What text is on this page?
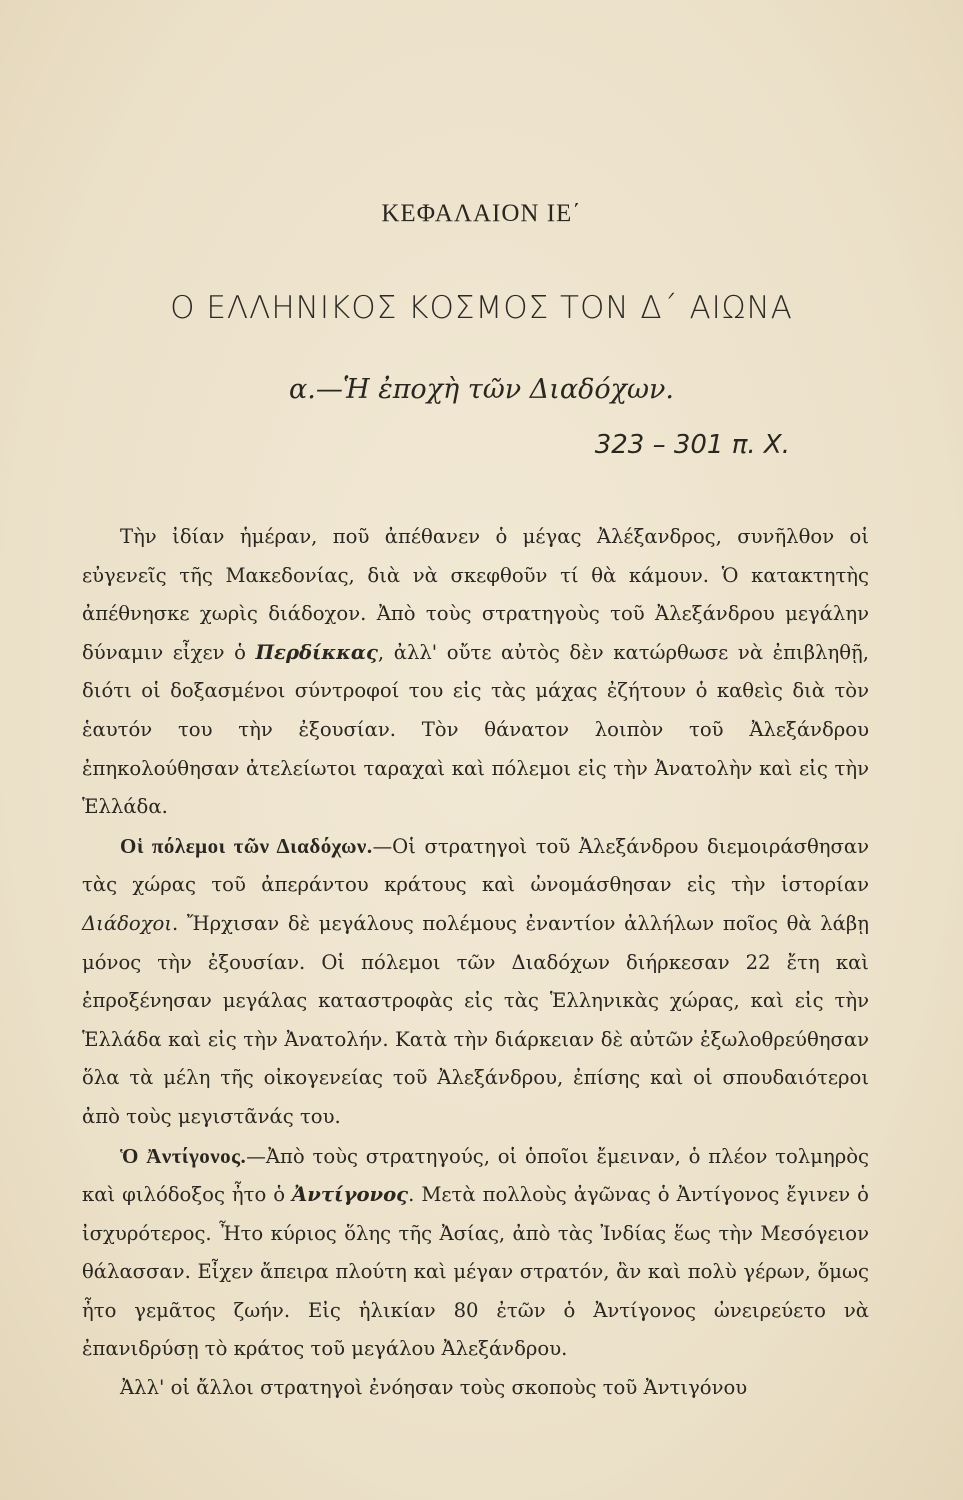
ΚΕΦΑΛΑΙΟΝ ΙΕ΄
Ο ΕΛΛΗΝΙΚΟΣ ΚΟΣΜΟΣ ΤΟΝ Δ΄ ΑΙΩΝΑ
α.—Ἡ ἐποχὴ τῶν Διαδόχων.
323 – 301 π. Χ.

Τὴν ἰδίαν ἡμέραν, ποῦ ἀπέθανεν ὁ μέγας Ἀλέξανδρος, συνῆλθον οἱ εὐγενεῖς τῆς Μακεδονίας, διὰ νὰ σκεφθοῦν τί θὰ κάμουν. Ὁ κατακτητὴς ἀπέθνησκε χωρὶς διάδοχον. Ἀπὸ τοὺς στρατηγοὺς τοῦ Ἀλεξάνδρου μεγάλην δύναμιν εἶχεν ὁ Περδίκκας, ἀλλ' οὔτε αὐτὸς δὲν κατώρθωσε νὰ ἐπιβληθῇ, διότι οἱ δοξασμένοι σύντροφοί του εἰς τὰς μάχας ἐζήτουν ὁ καθεὶς διὰ τὸν ἑαυτόν του τὴν ἐξουσίαν. Τὸν θάνατον λοιπὸν τοῦ Ἀλεξάνδρου ἐπηκολούθησαν ἀτελείωτοι ταραχαὶ καὶ πόλεμοι εἰς τὴν Ἀνατολὴν καὶ εἰς τὴν Ἑλλάδα.

Οἱ πόλεμοι τῶν Διαδόχων.—Οἱ στρατηγοὶ τοῦ Ἀλεξάνδρου διεμοιράσθησαν τὰς χώρας τοῦ ἀπεράντου κράτους καὶ ὠνομάσθησαν εἰς τὴν ἱστορίαν Διάδοχοι. Ἤρχισαν δὲ μεγάλους πολέμους ἐναντίον ἀλλήλων ποῖος θὰ λάβῃ μόνος τὴν ἐξουσίαν. Οἱ πόλεμοι τῶν Διαδόχων διήρκεσαν 22 ἔτη καὶ ἐπροξένησαν μεγάλας καταστροφὰς εἰς τὰς Ἑλληνικὰς χώρας, καὶ εἰς τὴν Ἑλλάδα καὶ εἰς τὴν Ἀνατολήν. Κατὰ τὴν διάρκειαν δὲ αὐτῶν ἐξωλοθρεύθησαν ὅλα τὰ μέλη τῆς οἰκογενείας τοῦ Ἀλεξάνδρου, ἐπίσης καὶ οἱ σπουδαιότεροι ἀπὸ τοὺς μεγιστᾶνάς του.

Ὁ Ἀντίγονος.—Ἀπὸ τοὺς στρατηγούς, οἱ ὁποῖοι ἔμειναν, ὁ πλέον τολμηρὸς καὶ φιλόδοξος ἦτο ὁ Ἀντίγονος. Μετὰ πολλοὺς ἀγῶνας ὁ Ἀντίγονος ἔγινεν ὁ ἰσχυρότερος. Ἦτο κύριος ὅλης τῆς Ἀσίας, ἀπὸ τὰς Ἰνδίας ἕως τὴν Μεσόγειον θάλασσαν. Εἶχεν ἄπειρα πλούτη καὶ μέγαν στρατόν, ἂν καὶ πολὺ γέρων, ὅμως ἦτο γεμᾶτος ζωήν. Εἰς ἡλικίαν 80 ἐτῶν ὁ Ἀντίγονος ὠνειρεύετο νὰ ἐπανιδρύσῃ τὸ κράτος τοῦ μεγάλου Ἀλεξάνδρου.

Ἀλλ' οἱ ἄλλοι στρατηγοὶ ἐνόησαν τοὺς σκοποὺς τοῦ Ἀντιγόνου
